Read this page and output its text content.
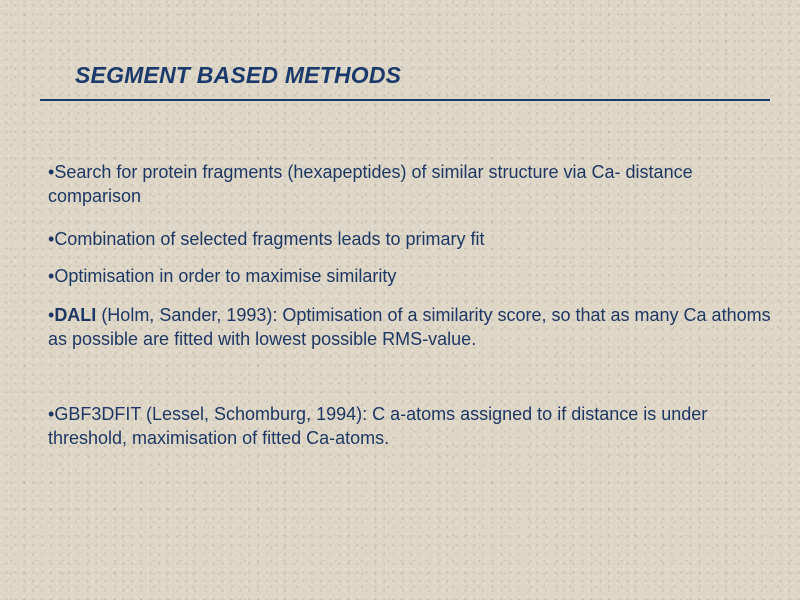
SEGMENT BASED METHODS
•Search for protein fragments (hexapeptides) of similar structure via Ca- distance comparison
•Combination of selected fragments leads to primary fit
•Optimisation in order to maximise similarity
•DALI (Holm, Sander, 1993): Optimisation of a similarity score, so that as many Ca athoms as possible are fitted with lowest possible RMS-value.
•GBF3DFIT (Lessel, Schomburg, 1994): C a-atoms assigned to if distance is under threshold, maximisation of fitted Ca-atoms.
